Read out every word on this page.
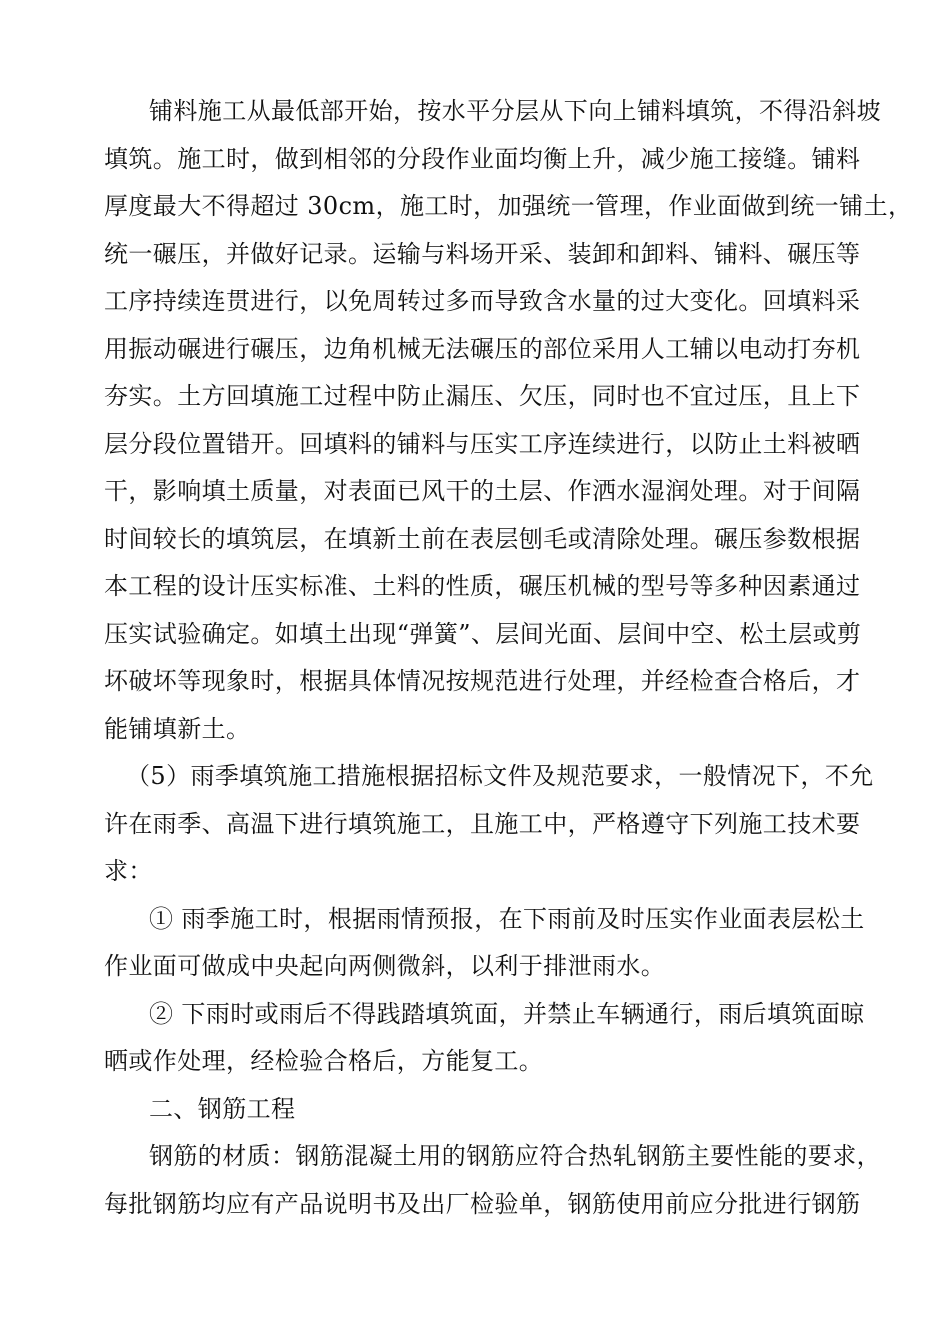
铺料施工从最低部开始，按水平分层从下向上铺料填筑，不得沿斜坡
填筑。施工时，做到相邻的分段作业面均衡上升，减少施工接缝。铺料
厚度最大不得超过 30cm，施工时，加强统一管理，作业面做到统一铺土，
统一碾压，并做好记录。运输与料场开采、装卸和卸料、铺料、碾压等
工序持续连贯进行，以免周转过多而导致含水量的过大变化。回填料采
用振动碾进行碾压，边角机械无法碾压的部位采用人工辅以电动打夯机
夯实。土方回填施工过程中防止漏压、欠压，同时也不宜过压，且上下
层分段位置错开。回填料的铺料与压实工序连续进行，以防止土料被晒
干，影响填土质量，对表面已风干的土层、作洒水湿润处理。对于间隔
时间较长的填筑层，在填新土前在表层刨毛或清除处理。碾压参数根据
本工程的设计压实标准、土料的性质，碾压机械的型号等多种因素通过
压实试验确定。如填土出现“弹簧”、层间光面、层间中空、松土层或剪
坏破坏等现象时，根据具体情况按规范进行处理，并经检查合格后，才
能铺填新土。
（5）雨季填筑施工措施根据招标文件及规范要求，一般情况下，不允
许在雨季、高温下进行填筑施工，且施工中，严格遵守下列施工技术要
求：
① 雨季施工时，根据雨情预报，在下雨前及时压实作业面表层松土
作业面可做成中央起向两侧微斜，以利于排泄雨水。
② 下雨时或雨后不得践踏填筑面，并禁止车辆通行，雨后填筑面晾
晒或作处理，经检验合格后，方能复工。
二、钢筋工程
钢筋的材质：钢筋混凝土用的钢筋应符合热轧钢筋主要性能的要求，
每批钢筋均应有产品说明书及出厂检验单，钢筋使用前应分批进行钢筋
